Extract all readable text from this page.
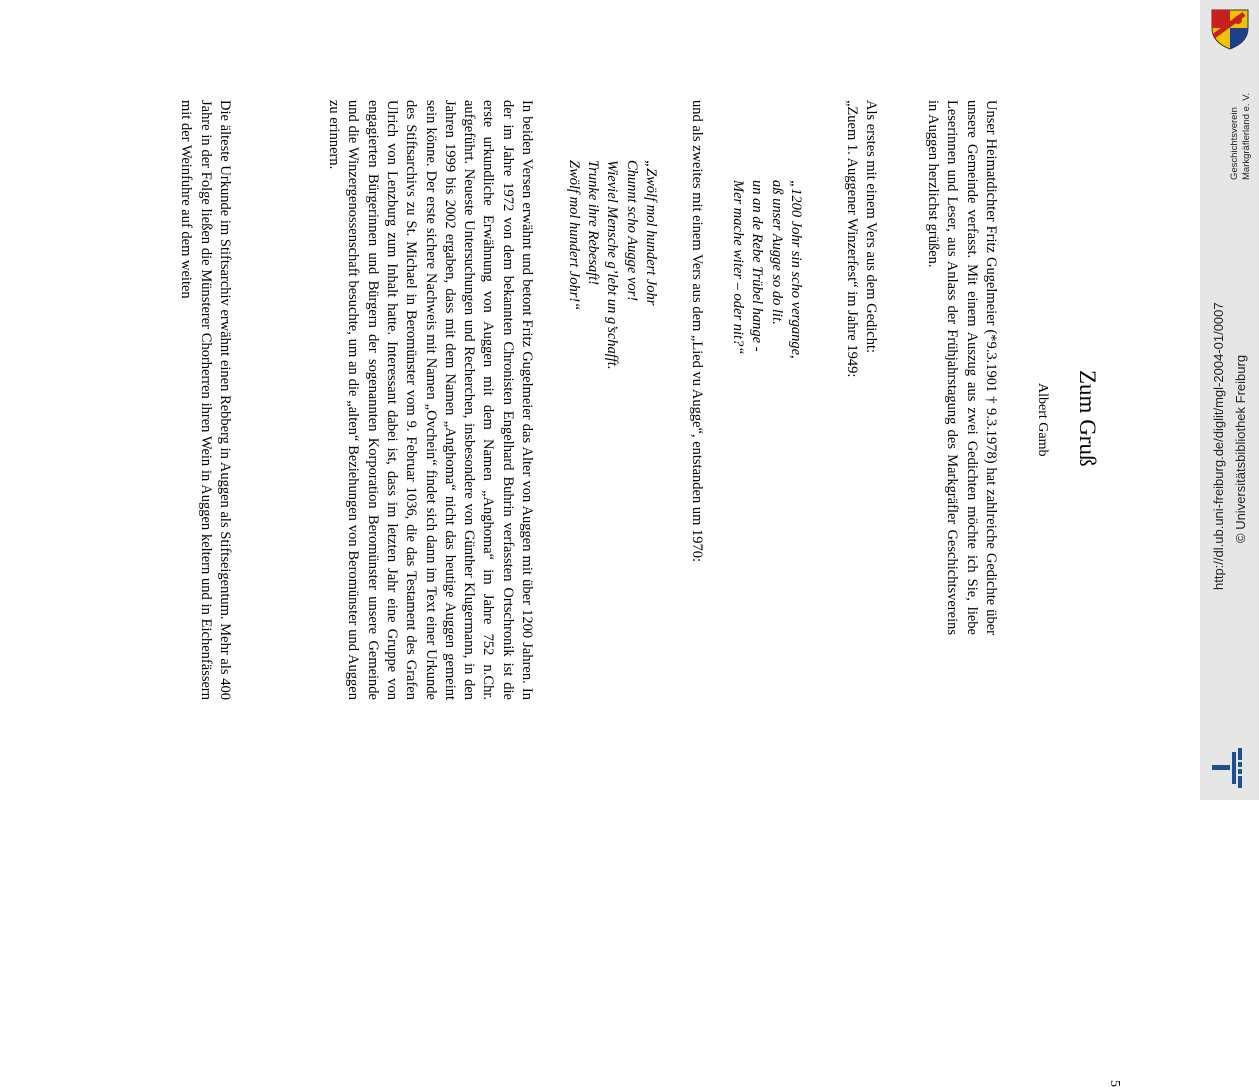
Zum Gruß
Albert Gamb

Unser Heimatdichter Fritz Gugelmeier (*9.3.1901 † 9.3.1978) hat zahlreiche Gedichte über unsere Gemeinde verfasst. Mit einem Auszug aus zwei Gedichten möchte ich Sie, liebe Leserinnen und Leser, aus Anlass der Frühjahrstagung des Markgräfler Geschichtsvereins in Auggen herzlichst grüßen.

Als erstes mit einem Vers aus dem Gedicht:

„Zuem 1. Auggener Winzerfest“ im Jahre 1949:

„1200 Johr sin scho vergange,
aß unser Augge so do lit.
un an de Rebe Trübel hange -
Mer mache witer – oder nit?“

und als zweites mit einem Vers aus dem „Lied vu Augge“, entstanden um 1970:

„Zwölf mol hundert Johr
Chunnt scho Augge vor!
Wieviel Mensche g’lebt un g’schafft.
Trunke ihre Rebesaft!
Zwölf mol hundert Johr!“

In beiden Versen erwähnt und betont Fritz Gugelmeier das Alter von Auggen mit über 1200 Jahren. In der im Jahre 1972 von dem bekannten Chronisten Engelhard Buhrin verfassten Ortschronik ist die erste urkundliche Erwähnung von Auggen mit dem Namen „Anghoma“ im Jahre 752 n.Chr. aufgeführt. Neueste Untersuchungen und Recherchen, insbesondere von Günther Klugermann, in den Jahren 1999 bis 2002 ergaben, dass mit dem Namen „Anghoma“ nicht das heutige Auggen gemeint sein könne. Der erste sichere Nachweis mit Namen „Ovchein“ findet sich dann im Text einer Urkunde des Stiftsarchivs zu St. Michael in Beromünster vom 9. Februar 1036, die das Testament des Grafen Ulrich von Lenzburg zum Inhalt hatte. Interessant dabei ist, dass im letzten Jahr eine Gruppe von engagierten Bürgerinnen und Bürgern der sogenannten Korporation Beromünster unsere Gemeinde und die Winzergenossenschaft besuchte, um an die „alten“ Beziehungen von Beromünster und Auggen zu erinnern.

Die älteste Urkunde im Stiftsarchiv erwähnt einen Rebberg in Auggen als Stiftseigentum. Mehr als 400 Jahre in der Folge ließen die Münsterer Chorherren ihren Wein in Auggen keltern und in Eichenfässern mit der Weinfuhre auf dem weiten

5
http://dl.ub.uni-freiburg.de/diglit/mgl-2004-01/0007 © Universitätsbibliothek Freiburg
Geschichtsverein Markgräflerland e. V.
